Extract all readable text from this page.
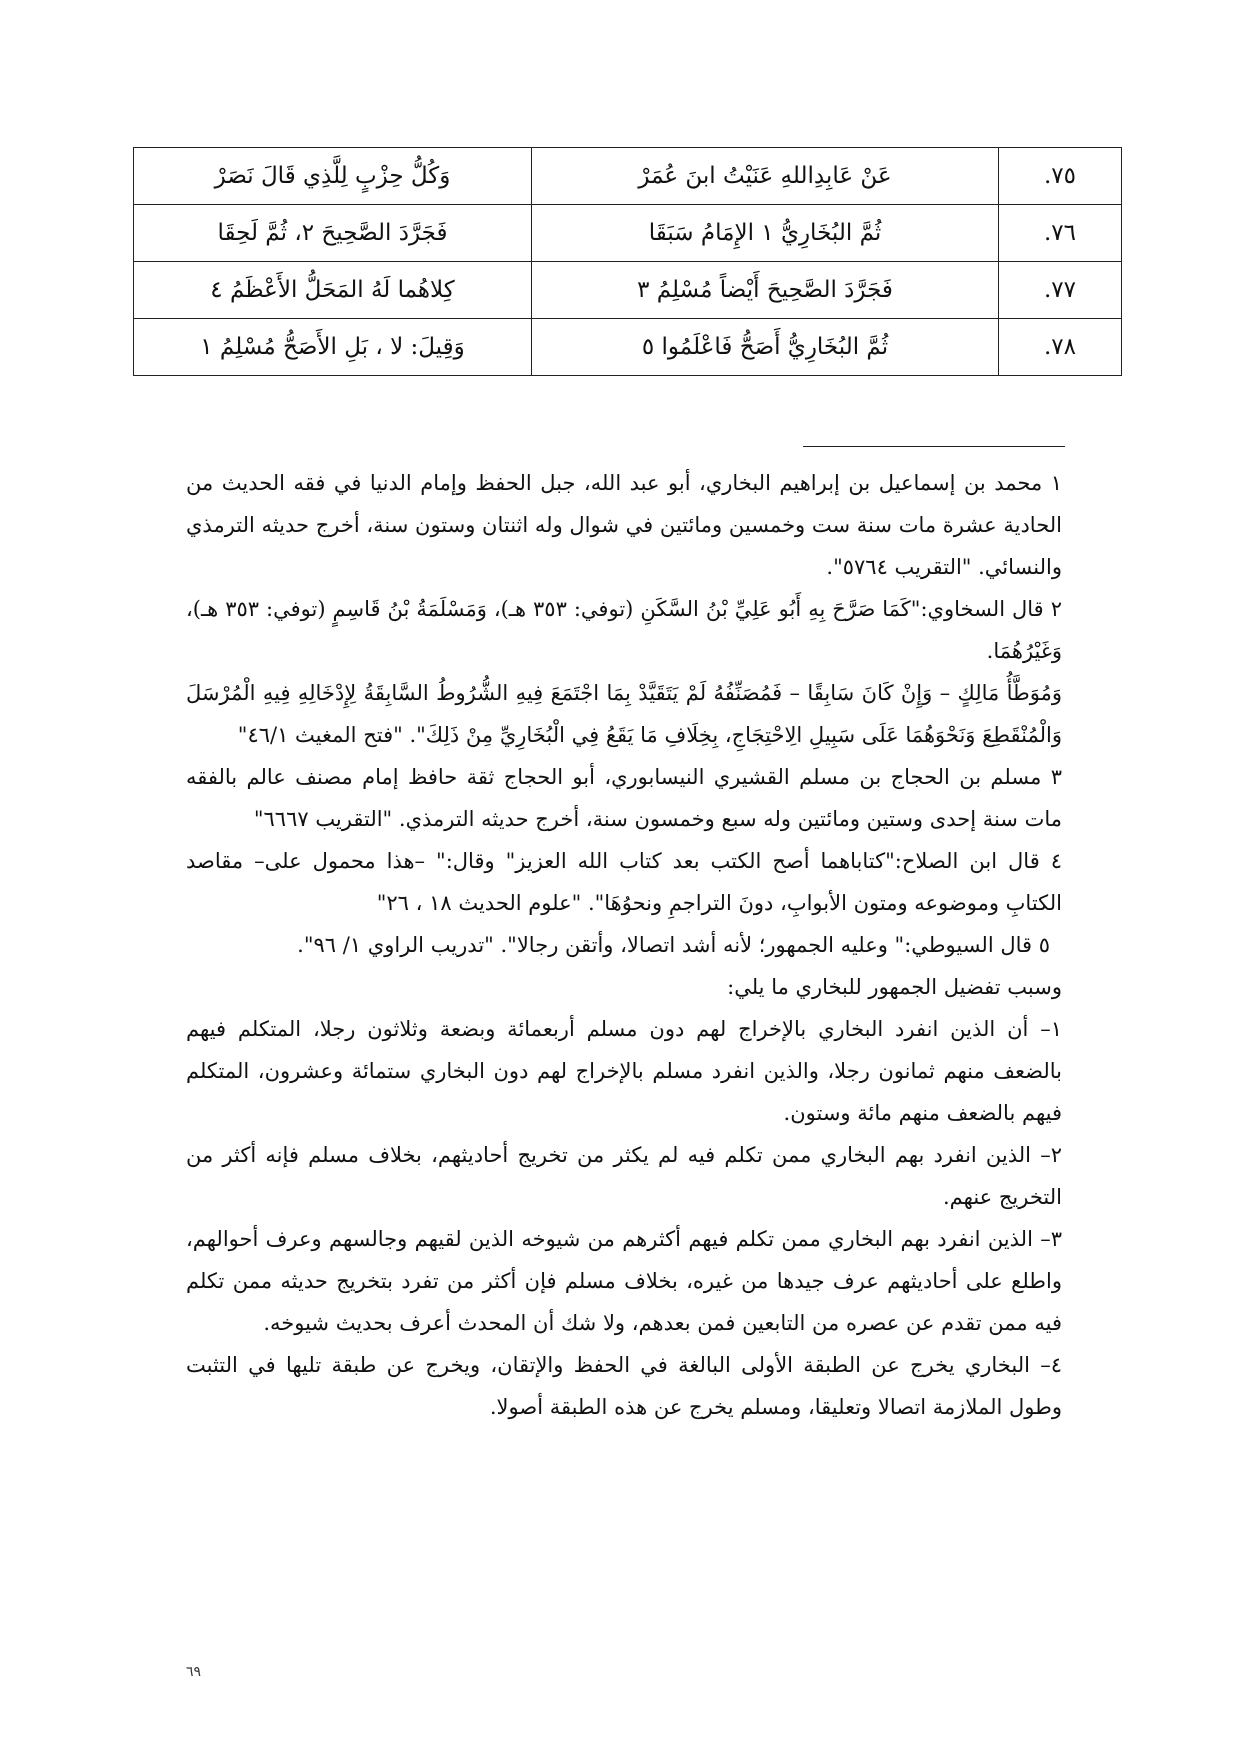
٧٥.	عَنْ عَابِدِاللهِ عَنَيْتُ ابنَ عُمَرْ	وَكُلُّ حِزْبٍ لِلَّذِي قَالَ نَصَرْ
٧٦.	ثُمَّ البُخَارِيُّ ١ الإِمَامُ سَبَقَا	فَجَرَّدَ الصَّحِيحَ ٢، ثُمَّ لَحِقَا
٧٧.	فَجَرَّدَ الصَّحِيحَ أَيْضاً مُسْلِمُ ٣	كِلاهُما لَهُ المَحَلُّ الأَعْظَمُ ٤
٧٨.	ثُمَّ البُخَارِيُّ أَصَحُّ فَاعْلَمُوا ٥	وَقِيلَ: لا ، بَلِ الأَصَحُّ مُسْلِمُ ١

١ محمد بن إسماعيل بن إبراهيم البخاري، أبو عبد الله، جبل الحفظ وإمام الدنيا في فقه الحديث من الحادية عشرة مات سنة ست وخمسين ومائتين في شوال وله اثنتان وستون سنة، أخرج حديثه الترمذي والنسائي. "التقريب ٥٧٦٤".

٢ قال السخاوي:"كَمَا صَرَّحَ بِهِ أَبُو عَلِيِّ بْنُ السَّكَنِ (توفي: ٣٥٣ هـ)، وَمَسْلَمَةُ بْنُ قَاسِمٍ (توفي: ٣٥٣ هـ)، وَغَيْرُهُمَا.

وَمُوَطَّأُ مَالِكٍ – وَإِنْ كَانَ سَابِقًا – فَمُصَنِّفُهُ لَمْ يَتَقَيَّدْ بِمَا اجْتَمَعَ فِيهِ الشُّرُوطُ السَّابِقَةُ لِإِدْخَالِهِ فِيهِ الْمُرْسَلَ وَالْمُنْقَطِعَ وَنَحْوَهُمَا عَلَى سَبِيلِ الِاحْتِجَاجِ، بِخِلَافِ مَا يَقَعُ فِي الْبُخَارِيِّ مِنْ ذَلِكَ". "فتح المغيث ٤٦/١"

٣ مسلم بن الحجاج بن مسلم القشيري النيسابوري، أبو الحجاج ثقة حافظ إمام مصنف عالم بالفقه مات سنة إحدى وستين ومائتين وله سبع وخمسون سنة، أخرج حديثه الترمذي. "التقريب ٦٦٦٧"

٤ قال ابن الصلاح:"كتاباهما أصح الكتب بعد كتاب الله العزيز" وقال:" –هذا محمول على– مقاصد الكتابِ وموضوعه ومتون الأبوابِ، دونَ التراجمِ ونحوُهَا". "علوم الحديث ١٨ ، ٢٦"

٥ قال السيوطي:" وعليه الجمهور؛ لأنه أشد اتصالا، وأتقن رجالا". "تدريب الراوي ١/ ٩٦".

وسبب تفضيل الجمهور للبخاري ما يلي:

١– أن الذين انفرد البخاري بالإخراج لهم دون مسلم أربعمائة وبضعة وثلاثون رجلا، المتكلم فيهم بالضعف منهم ثمانون رجلا، والذين انفرد مسلم بالإخراج لهم دون البخاري ستمائة وعشرون، المتكلم فيهم بالضعف منهم مائة وستون.

٢– الذين انفرد بهم البخاري ممن تكلم فيه لم يكثر من تخريج أحاديثهم، بخلاف مسلم فإنه أكثر من التخريج عنهم.

٣– الذين انفرد بهم البخاري ممن تكلم فيهم أكثرهم من شيوخه الذين لقيهم وجالسهم وعرف أحوالهم، واطلع على أحاديثهم عرف جيدها من غيره، بخلاف مسلم فإن أكثر من تفرد بتخريج حديثه ممن تكلم فيه ممن تقدم عن عصره من التابعين فمن بعدهم، ولا شك أن المحدث أعرف بحديث شيوخه.

٤– البخاري يخرج عن الطبقة الأولى البالغة في الحفظ والإتقان، ويخرج عن طبقة تليها في التثبت وطول الملازمة اتصالا وتعليقا، ومسلم يخرج عن هذه الطبقة أصولا.

٦٩
